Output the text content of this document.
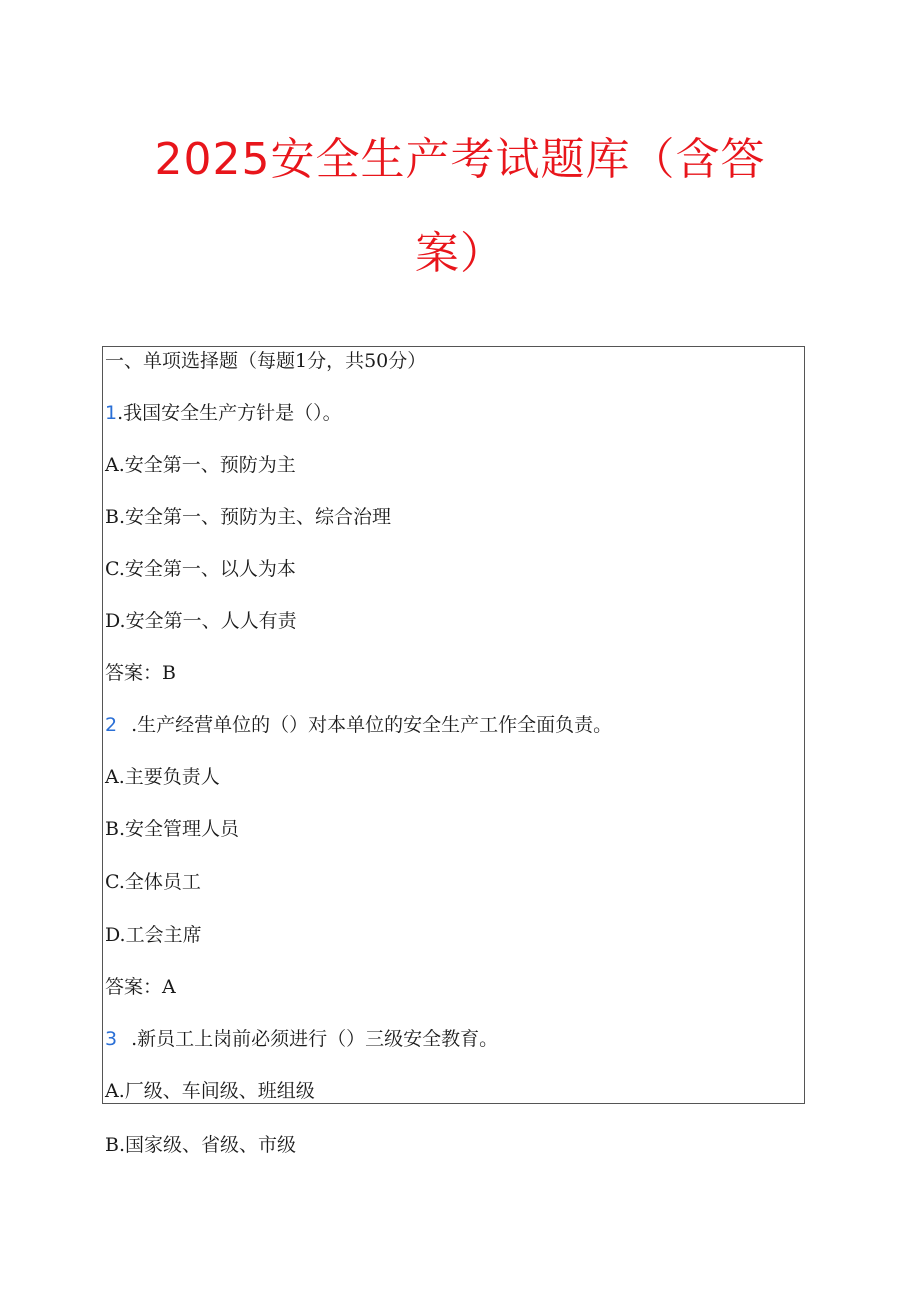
2025安全生产考试题库（含答
案）
一、单项选择题（每题1分，共50分）
1.我国安全生产方针是（）。
A.安全第一、预防为主
B.安全第一、预防为主、综合治理
C.安全第一、以人为本
D.安全第一、人人有责
答案：B
2 .生产经营单位的（）对本单位的安全生产工作全面负责。
A.主要负责人
B.安全管理人员
C.全体员工
D.工会主席
答案：A
3 .新员工上岗前必须进行（）三级安全教育。
A.厂级、车间级、班组级
B.国家级、省级、市级
